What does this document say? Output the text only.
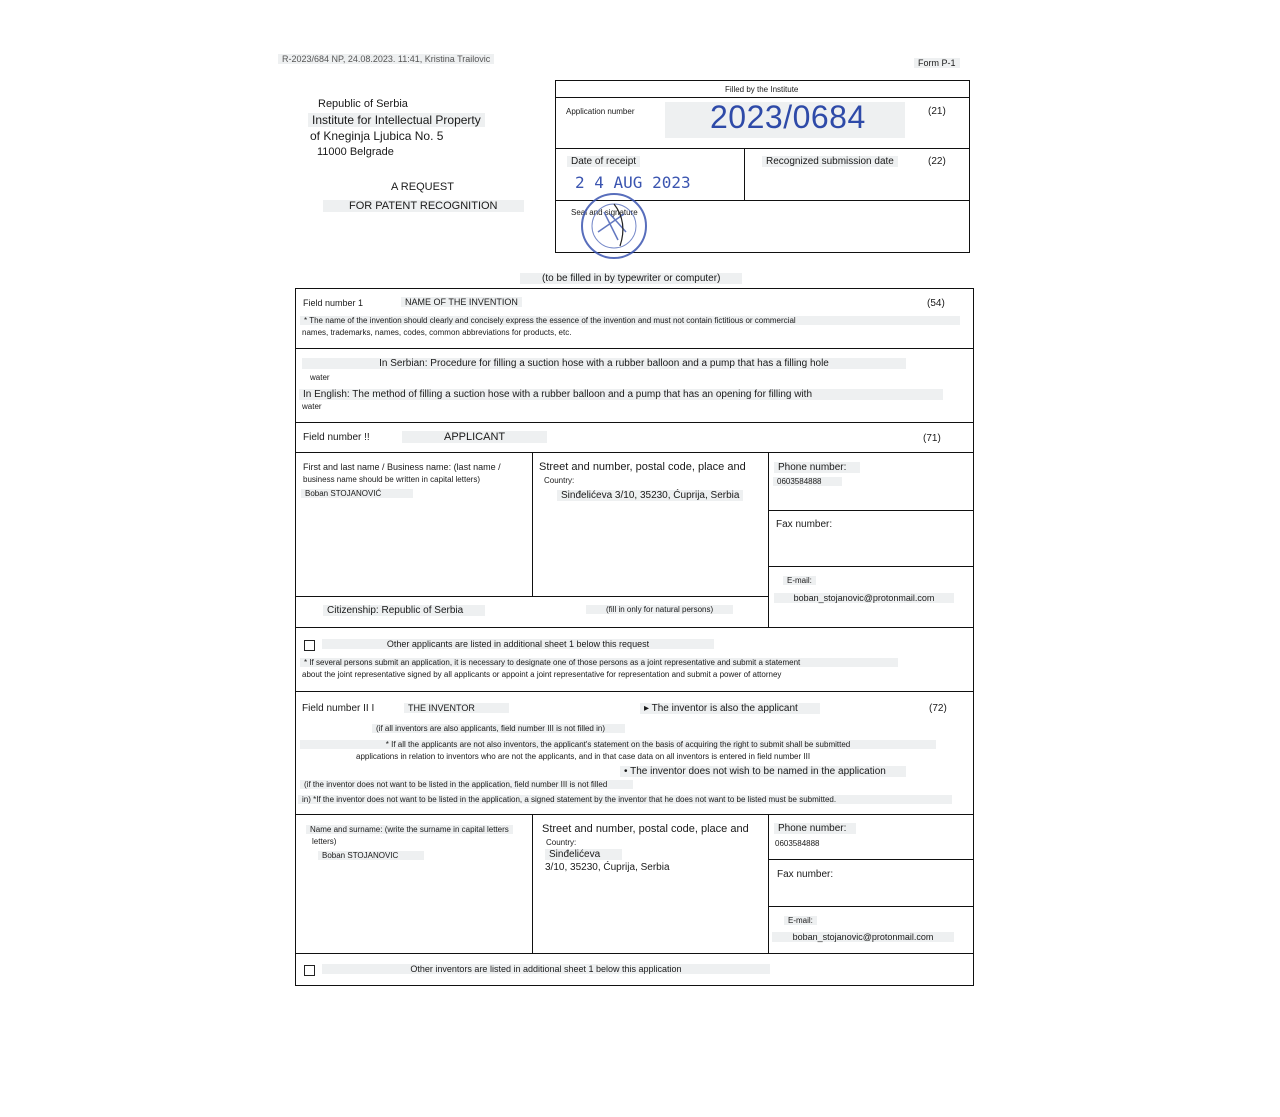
R-2023/684 NP, 24.08.2023. 11:41, Kristina Trailovic	Form P-1
Republic of Serbia
Institute for Intellectual Property
of Kneginja Ljubica No. 5
11000 Belgrade
A REQUEST
FOR PATENT RECOGNITION
Filled by the Institute
Application number 2023/0684	(21)
Date of receipt
2 4 AUG 2023
Recognized submission date	(22)
Seal and signature
(to be filled in by typewriter or computer)
Field number 1	NAME OF THE INVENTION	(54)
* The name of the invention should clearly and concisely express the essence of the invention and must not contain fictitious or commercial
names, trademarks, names, codes, common abbreviations for products, etc.
In Serbian: Procedure for filling a suction hose with a rubber balloon and a pump that has a filling hole
water
In English: The method of filling a suction hose with a rubber balloon and a pump that has an opening for filling with
water
Field number !!	APPLICANT	(71)
First and last name / Business name: (last name /
business name should be written in capital letters)
Boban STOJANOVIĆ
Street and number, postal code, place and
Country:
Sinđelićeva 3/10, 35230, Ćuprija, Serbia
Phone number:
0603584888
Fax number:
E-mail:
boban_stojanovic@protonmail.com
Citizenship: Republic of Serbia	(fill in only for natural persons)
Other applicants are listed in additional sheet 1 below this request
* If several persons submit an application, it is necessary to designate one of those persons as a joint representative and submit a statement
about the joint representative signed by all applicants or appoint a joint representative for representation and submit a power of attorney
Field number II I	THE INVENTOR	▸ The inventor is also the applicant	(72)
(if all inventors are also applicants, field number III is not filled in)
* If all the applicants are not also inventors, the applicant's statement on the basis of acquiring the right to submit shall be submitted
applications in relation to inventors who are not the applicants, and in that case data on all inventors is entered in field number III
• The inventor does not wish to be named in the application
(if the inventor does not want to be listed in the application, field number III is not filled
in) *If the inventor does not want to be listed in the application, a signed statement by the inventor that he does not want to be listed must be submitted.
Name and surname: (write the surname in capital letters
letters)
Boban STOJANOVIC
Street and number, postal code, place and
Country:
Sinđelićeva
3/10, 35230, Ćuprija, Serbia
Phone number:
0603584888
Fax number:
E-mail:
boban_stojanovic@protonmail.com
Other inventors are listed in additional sheet 1 below this application
